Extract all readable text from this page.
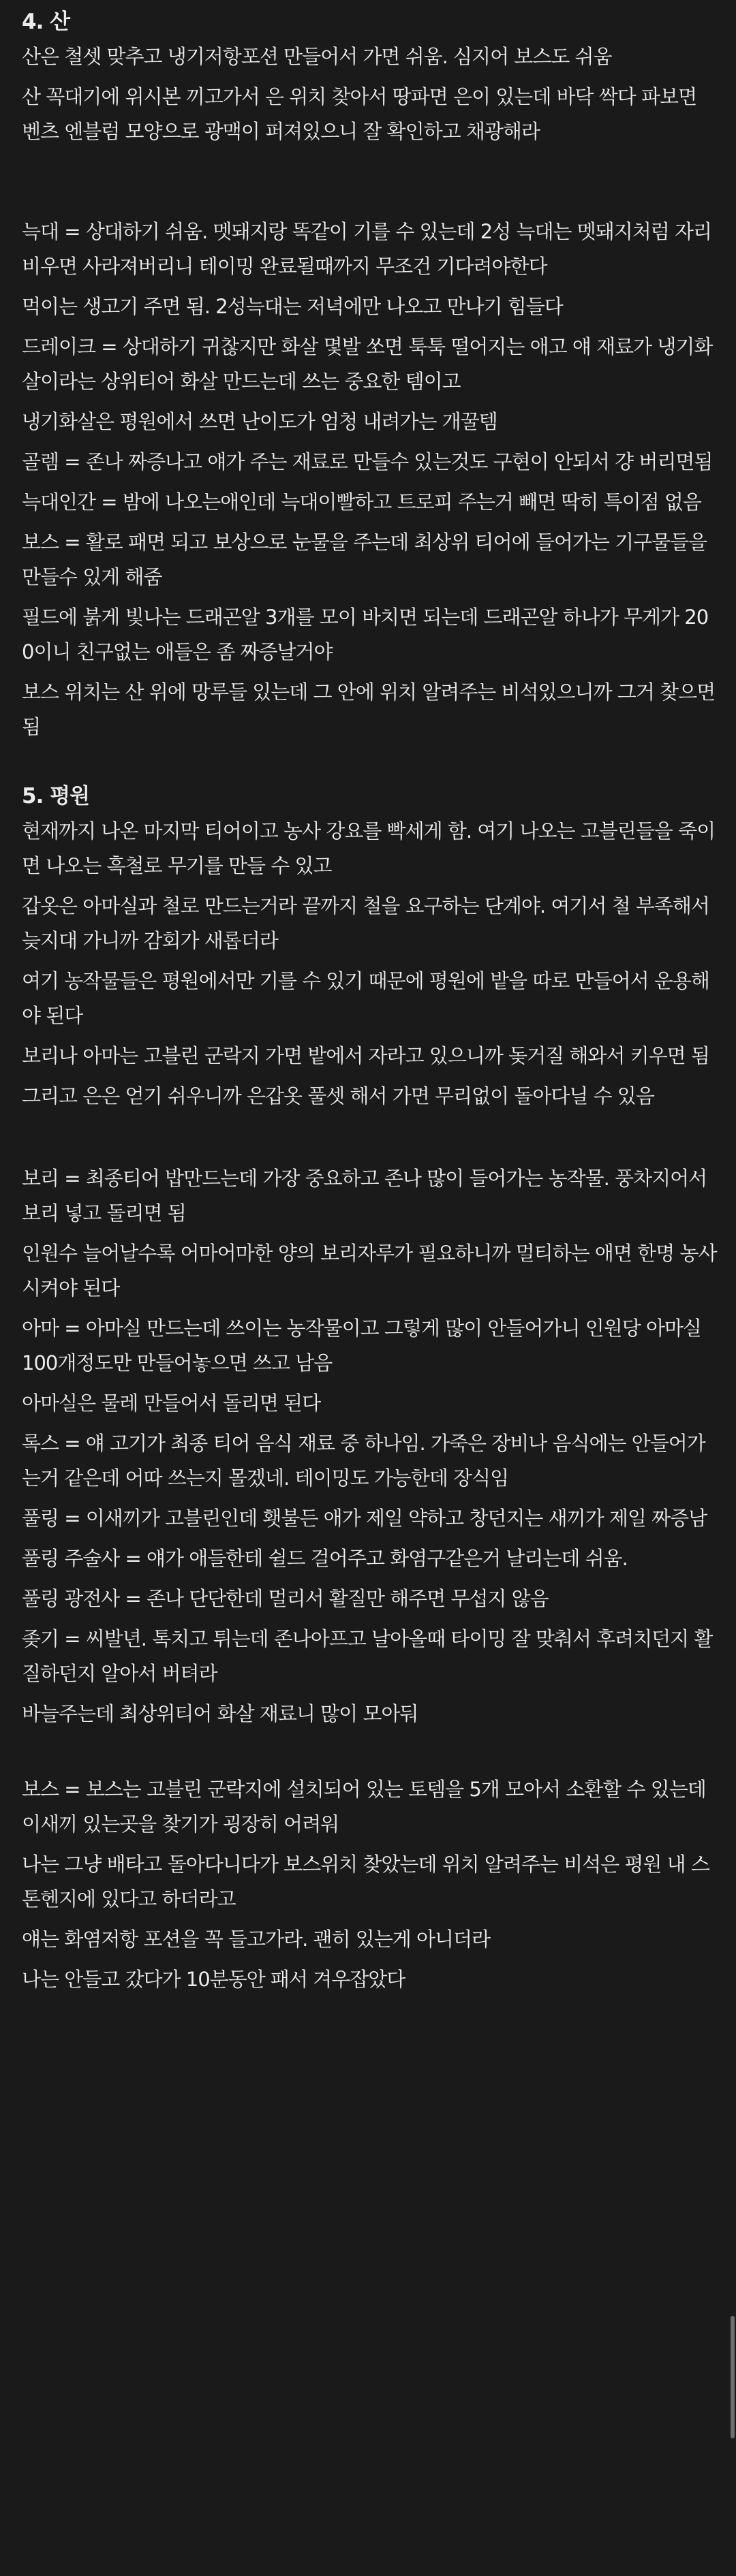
4. 산

산은 철셋 맞추고 냉기저항포션 만들어서 가면 쉬움. 심지어 보스도 쉬움

산 꼭대기에 위시본 끼고가서 은 위치 찾아서 땅파면 은이 있는데 바닥 싹다 파보면 벤츠 엔블럼 모양으로 광맥이 퍼져있으니 잘 확인하고 채광해라

늑대 = 상대하기 쉬움. 멧돼지랑 똑같이 기를 수 있는데 2성 늑대는 멧돼지처럼 자리 비우면 사라져버리니 테이밍 완료될때까지 무조건 기다려야한다

먹이는 생고기 주면 됨. 2성늑대는 저녁에만 나오고 만나기 힘들다

드레이크 = 상대하기 귀찮지만 화살 몇발 쏘면 툭툭 떨어지는 애고 얘 재료가 냉기화살이라는 상위티어 화살 만드는데 쓰는 중요한 템이고

냉기화살은 평원에서 쓰면 난이도가 엄청 내려가는 개꿀템

골렘 = 존나 짜증나고 얘가 주는 재료로 만들수 있는것도 구현이 안되서 걍 버리면됨

늑대인간 = 밤에 나오는애인데 늑대이빨하고 트로피 주는거 빼면 딱히 특이점 없음

보스 = 활로 패면 되고 보상으로 눈물을 주는데 최상위 티어에 들어가는 기구물들을 만들수 있게 해줌

필드에 붉게 빛나는 드래곤알 3개를 모이 바치면 되는데 드래곤알 하나가 무게가 200이니 친구없는 애들은 좀 짜증날거야

보스 위치는 산 위에 망루들 있는데 그 안에 위치 알려주는 비석있으니까 그거 찾으면됨

5. 평원

현재까지 나온 마지막 티어이고 농사 강요를 빡세게 함. 여기 나오는 고블린들을 죽이면 나오는 흑철로 무기를 만들 수 있고

갑옷은 아마실과 철로 만드는거라 끝까지 철을 요구하는 단계야. 여기서 철 부족해서 늦지대 가니까 감회가 새롭더라

여기 농작물들은 평원에서만 기를 수 있기 때문에 평원에 밭을 따로 만들어서 운용해야 된다

보리나 아마는 고블린 군락지 가면 밭에서 자라고 있으니까 돚거질 해와서 키우면 됨

그리고 은은 얻기 쉬우니까 은갑옷 풀셋 해서 가면 무리없이 돌아다닐 수 있음

보리 = 최종티어 밥만드는데 가장 중요하고 존나 많이 들어가는 농작물. 풍차지어서 보리 넣고 돌리면 됨

인원수 늘어날수록 어마어마한 양의 보리자루가 필요하니까 멀티하는 애면 한명 농사시켜야 된다

아마 = 아마실 만드는데 쓰이는 농작물이고 그렇게 많이 안들어가니 인원당 아마실 100개정도만 만들어놓으면 쓰고 남음

아마실은 물레 만들어서 돌리면 된다

록스 = 얘 고기가 최종 티어 음식 재료 중 하나임. 가죽은 장비나 음식에는 안들어가는거 같은데 어따 쓰는지 몰겠네. 테이밍도 가능한데 장식임

풀링 = 이새끼가 고블린인데 횃불든 애가 제일 약하고 창던지는 새끼가 제일 짜증남

풀링 주술사 = 얘가 애들한테 쉴드 걸어주고 화염구같은거 날리는데 쉬움.

풀링 광전사 = 존나 단단한데 멀리서 활질만 해주면 무섭지 않음

좆기 = 씨발년. 톡치고 튀는데 존나아프고 날아올때 타이밍 잘 맞춰서 후려치던지 활질하던지 알아서 버텨라

바늘주는데 최상위티어 화살 재료니 많이 모아둬

보스 = 보스는 고블린 군락지에 설치되어 있는 토템을 5개 모아서 소환할 수 있는데 이새끼 있는곳을 찾기가 굉장히 어려워

나는 그냥 배타고 돌아다니다가 보스위치 찾았는데 위치 알려주는 비석은 평원 내 스톤헨지에 있다고 하더라고

얘는 화염저항 포션을 꼭 들고가라. 괜히 있는게 아니더라

나는 안들고 갔다가 10분동안 패서 겨우잡았다
